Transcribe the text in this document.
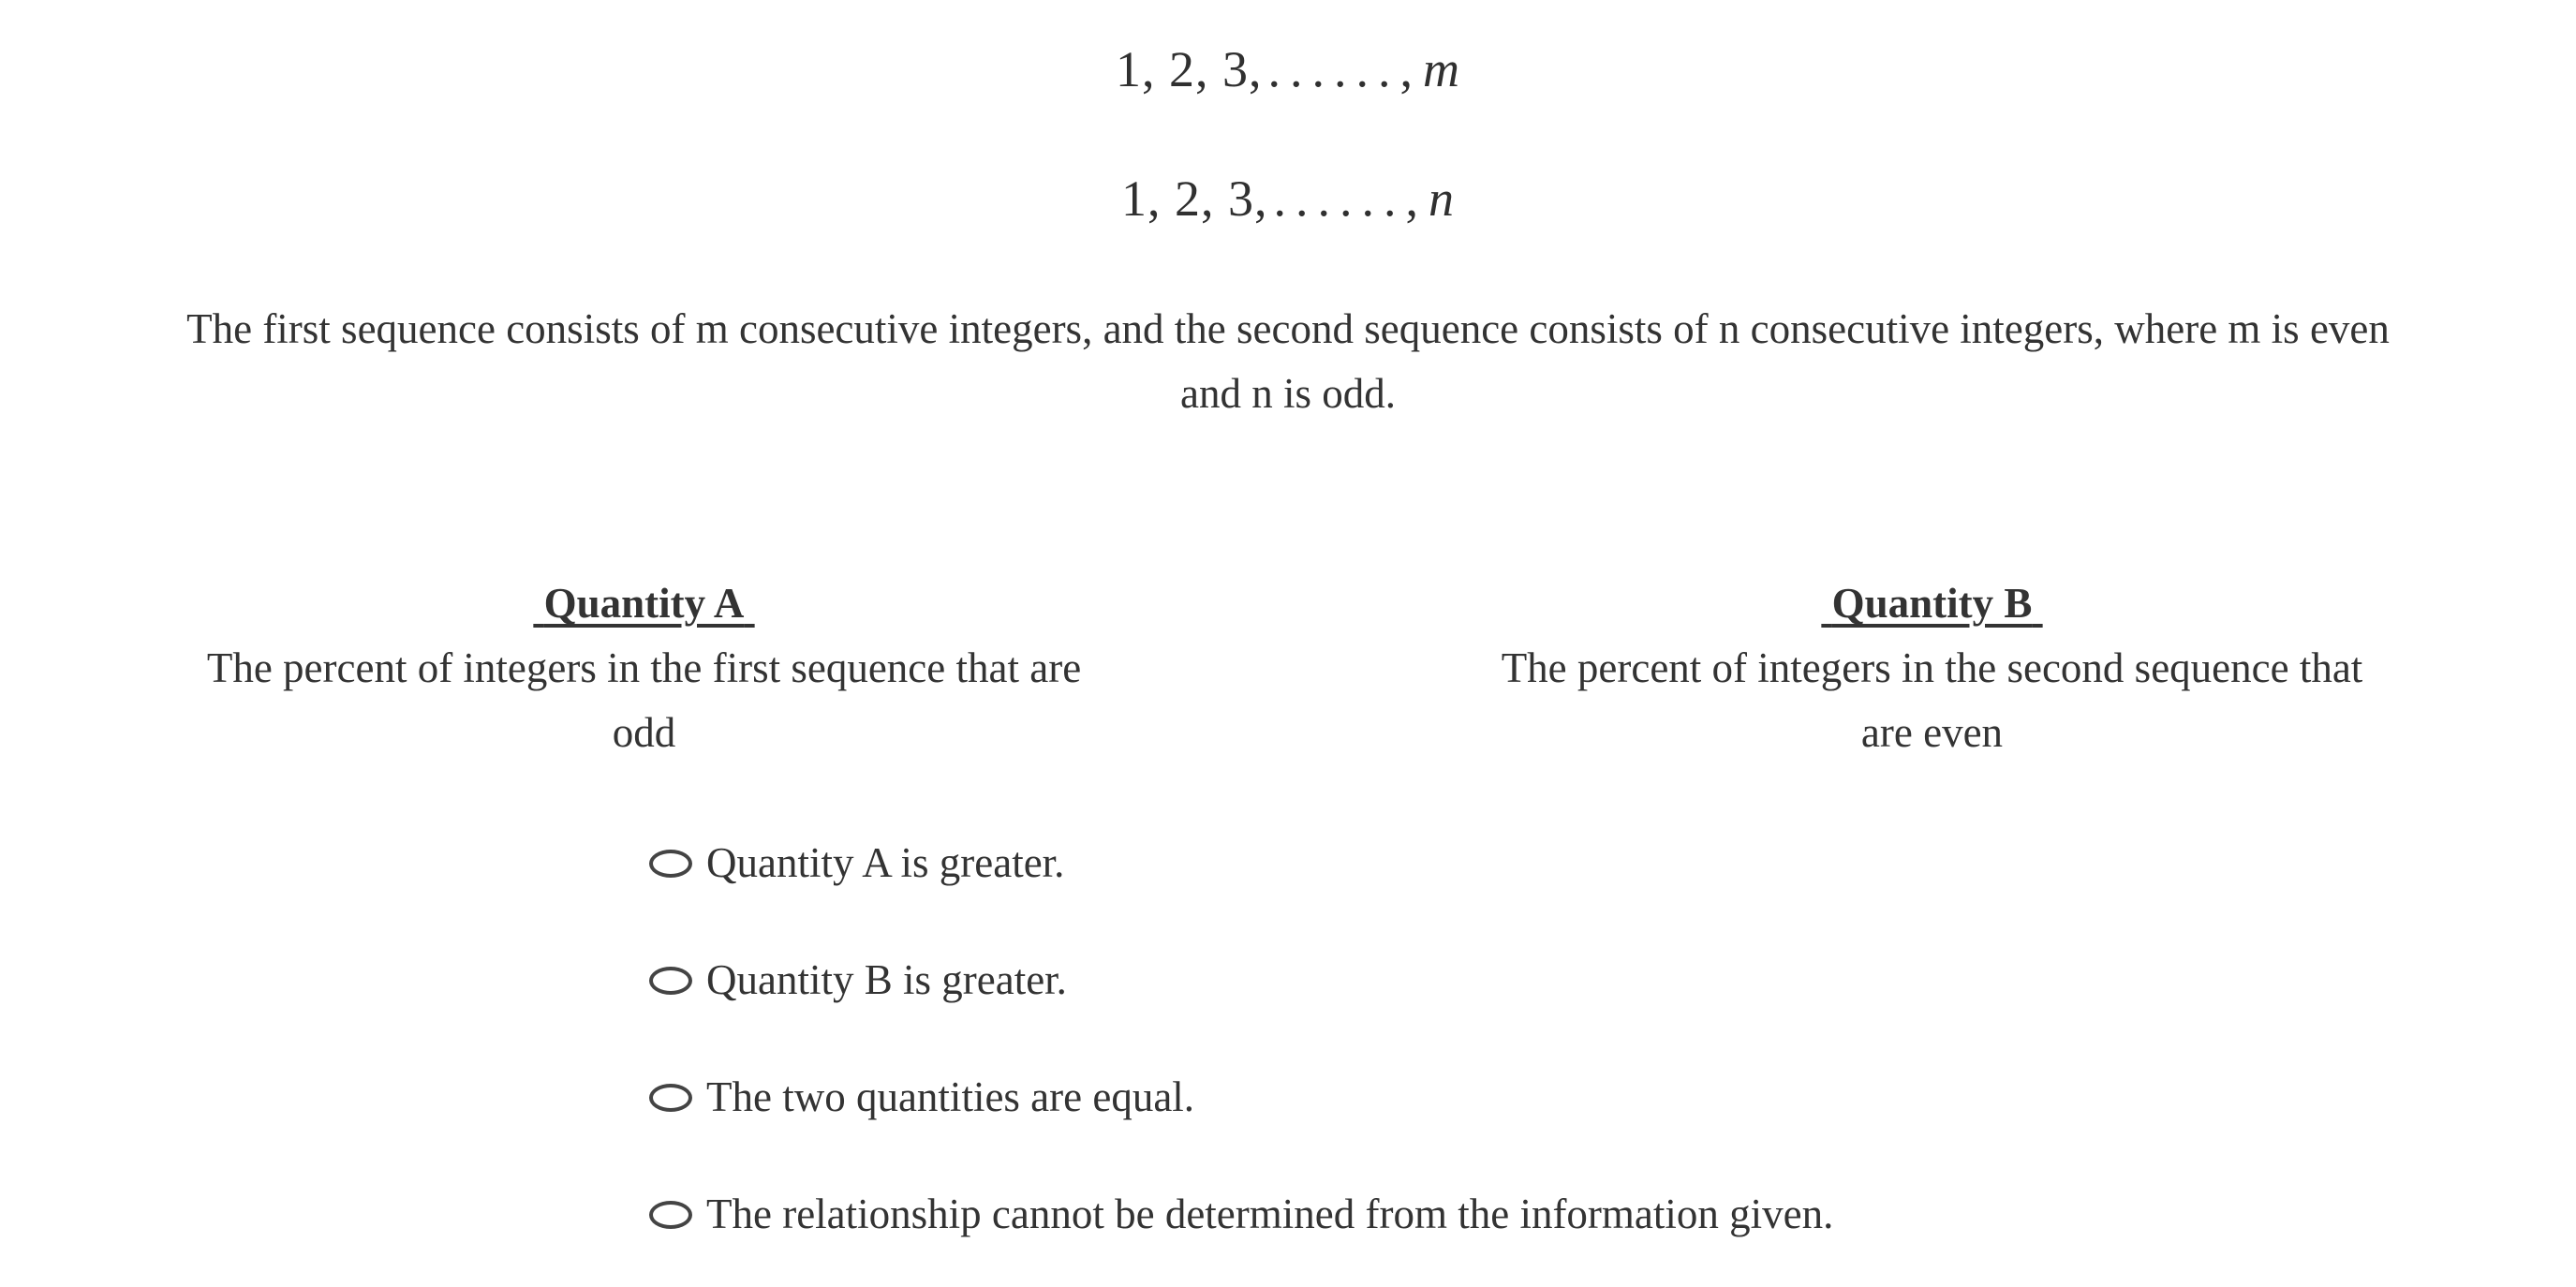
1, 2, 3, ......, m
1, 2, 3, ......, n
The first sequence consists of m consecutive integers, and the second sequence consists of n consecutive integers, where m is even
and n is odd.
Quantity A
The percent of integers in the first sequence that are
odd
Quantity B
The percent of integers in the second sequence that
are even
Quantity A is greater.
Quantity B is greater.
The two quantities are equal.
The relationship cannot be determined from the information given.
